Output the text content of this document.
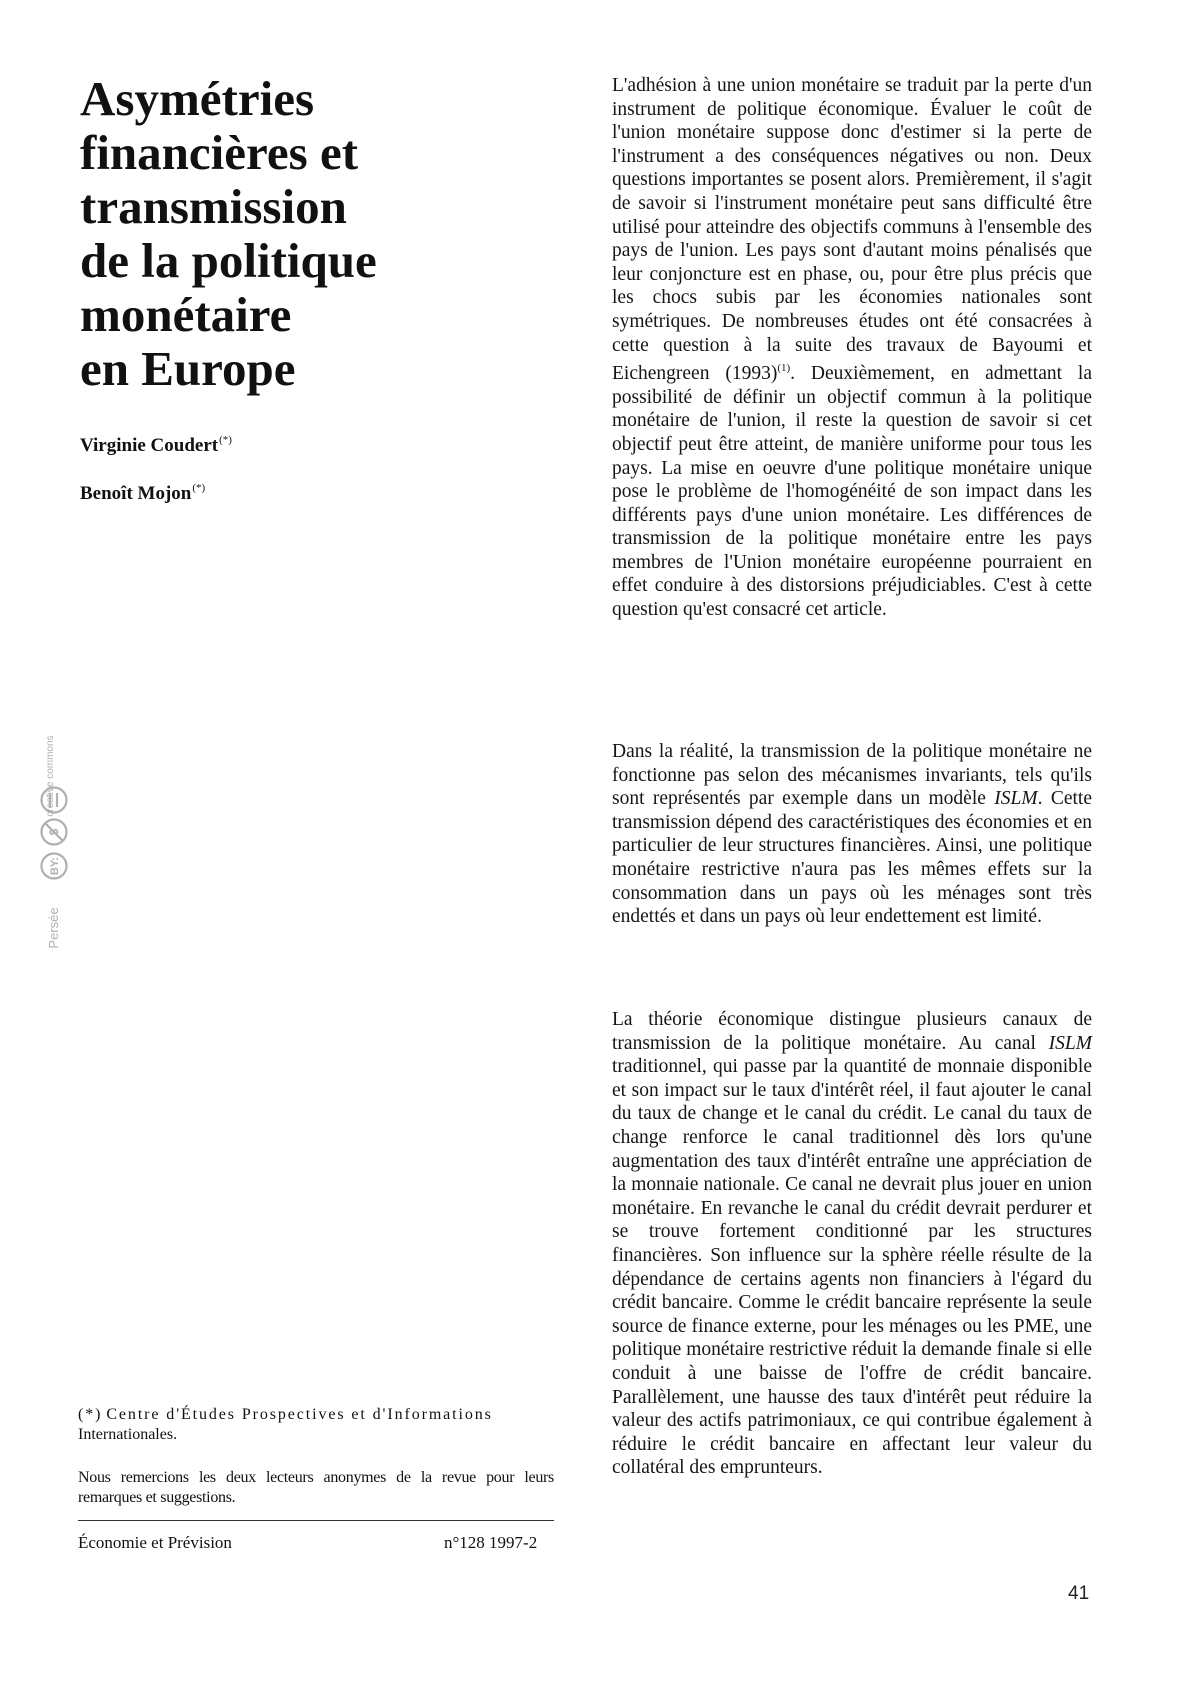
Asymétries
financières et
transmission
de la politique
monétaire
en Europe
Virginie Coudert(*)
Benoît Mojon(*)
creative commons
$
BY:
Persée
(*) Centre d'Études Prospectives et d'Informations
Internationales.
Nous remercions les deux lecteurs anonymes de la revue pour leurs remarques et suggestions.
Économie et Prévision	n°128 1997-2

L'adhésion à une union monétaire se traduit par la perte d'un instrument de politique économique. Évaluer le coût de l'union monétaire suppose donc d'estimer si la perte de l'instrument a des conséquences négatives ou non. Deux questions importantes se posent alors. Premièrement, il s'agit de savoir si l'instrument monétaire peut sans difficulté être utilisé pour atteindre des objectifs communs à l'ensemble des pays de l'union. Les pays sont d'autant moins pénalisés que leur conjoncture est en phase, ou, pour être plus précis que les chocs subis par les économies nationales sont symétriques. De nombreuses études ont été consacrées à cette question à la suite des travaux de Bayoumi et Eichengreen $(1993)^{(1)}$. Deuxièmement, en admettant la possibilité de définir un objectif commun à la politique monétaire de l'union, il reste la question de savoir si cet objectif peut être atteint, de manière uniforme pour tous les pays. La mise en oeuvre d'une politique monétaire unique pose le problème de l'homogénéité de son impact dans les différents pays d'une union monétaire. Les différences de transmission de la politique monétaire entre les pays membres de l'Union monétaire européenne pourraient en effet conduire à des distorsions préjudiciables. C'est à cette question qu'est consacré cet article.

Dans la réalité, la transmission de la politique monétaire ne fonctionne pas selon des mécanismes invariants, tels qu'ils sont représentés par exemple dans un modèle ISLM. Cette transmission dépend des caractéristiques des économies et en particulier de leur structures financières. Ainsi, une politique monétaire restrictive n'aura pas les mêmes effets sur la consommation dans un pays où les ménages sont très endettés et dans un pays où leur endettement est limité.

La théorie économique distingue plusieurs canaux de transmission de la politique monétaire. Au canal ISLM traditionnel, qui passe par la quantité de monnaie disponible et son impact sur le taux d'intérêt réel, il faut ajouter le canal du taux de change et le canal du crédit. Le canal du taux de change renforce le canal traditionnel dès lors qu'une augmentation des taux d'intérêt entraîne une appréciation de la monnaie nationale. Ce canal ne devrait plus jouer en union monétaire. En revanche le canal du crédit devrait perdurer et se trouve fortement conditionné par les structures financières. Son influence sur la sphère réelle résulte de la dépendance de certains agents non financiers à l'égard du crédit bancaire. Comme le crédit bancaire représente la seule source de finance externe, pour les ménages ou les PME, une politique monétaire restrictive réduit la demande finale si elle conduit à une baisse de l'offre de crédit bancaire. Parallèlement, une hausse des taux d'intérêt peut réduire la valeur des actifs patrimoniaux, ce qui contribue également à réduire le crédit bancaire en affectant leur valeur du collatéral des emprunteurs.

41
